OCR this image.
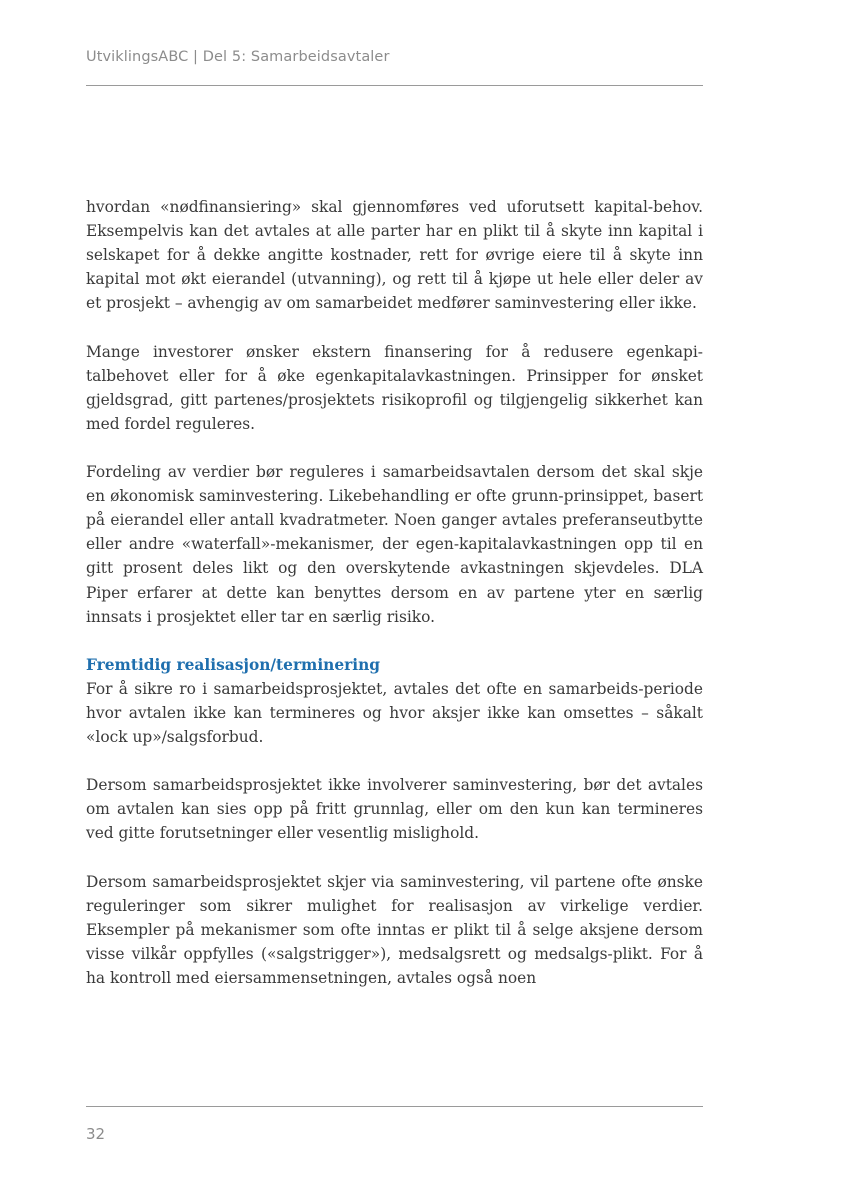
UtviklingsABC | Del 5: Samarbeidsavtaler

hvordan «nødfinansiering» skal gjennomføres ved uforutsett kapital-behov. Eksempelvis kan det avtales at alle parter har en plikt til å skyte inn kapital i selskapet for å dekke angitte kostnader, rett for øvrige eiere til å skyte inn kapital mot økt eierandel (utvanning), og rett til å kjøpe ut hele eller deler av et prosjekt – avhengig av om samarbeidet medfører saminvestering eller ikke.

Mange investorer ønsker ekstern finansering for å redusere egenkapi-talbehovet eller for å øke egenkapitalavkastningen. Prinsipper for ønsket gjeldsgrad, gitt partenes/prosjektets risikoprofil og tilgjengelig sikkerhet kan med fordel reguleres.

Fordeling av verdier bør reguleres i samarbeidsavtalen dersom det skal skje en økonomisk saminvestering. Likebehandling er ofte grunn-prinsippet, basert på eierandel eller antall kvadratmeter. Noen ganger avtales preferanseutbytte eller andre «waterfall»-mekanismer, der egen-kapitalavkastningen opp til en gitt prosent deles likt og den overskytende avkastningen skjevdeles. DLA Piper erfarer at dette kan benyttes dersom en av partene yter en særlig innsats i prosjektet eller tar en særlig risiko.

Fremtidig realisasjon/terminering

For å sikre ro i samarbeidsprosjektet, avtales det ofte en samarbeids-periode hvor avtalen ikke kan termineres og hvor aksjer ikke kan omsettes – såkalt «lock up»/salgsforbud.

Dersom samarbeidsprosjektet ikke involverer saminvestering, bør det avtales om avtalen kan sies opp på fritt grunnlag, eller om den kun kan termineres ved gitte forutsetninger eller vesentlig mislighold.

Dersom samarbeidsprosjektet skjer via saminvestering, vil partene ofte ønske reguleringer som sikrer mulighet for realisasjon av virkelige verdier. Eksempler på mekanismer som ofte inntas er plikt til å selge aksjene dersom visse vilkår oppfylles («salgstrigger»), medsalgsrett og medsalgs-plikt. For å ha kontroll med eiersammensetningen, avtales også noen

32
